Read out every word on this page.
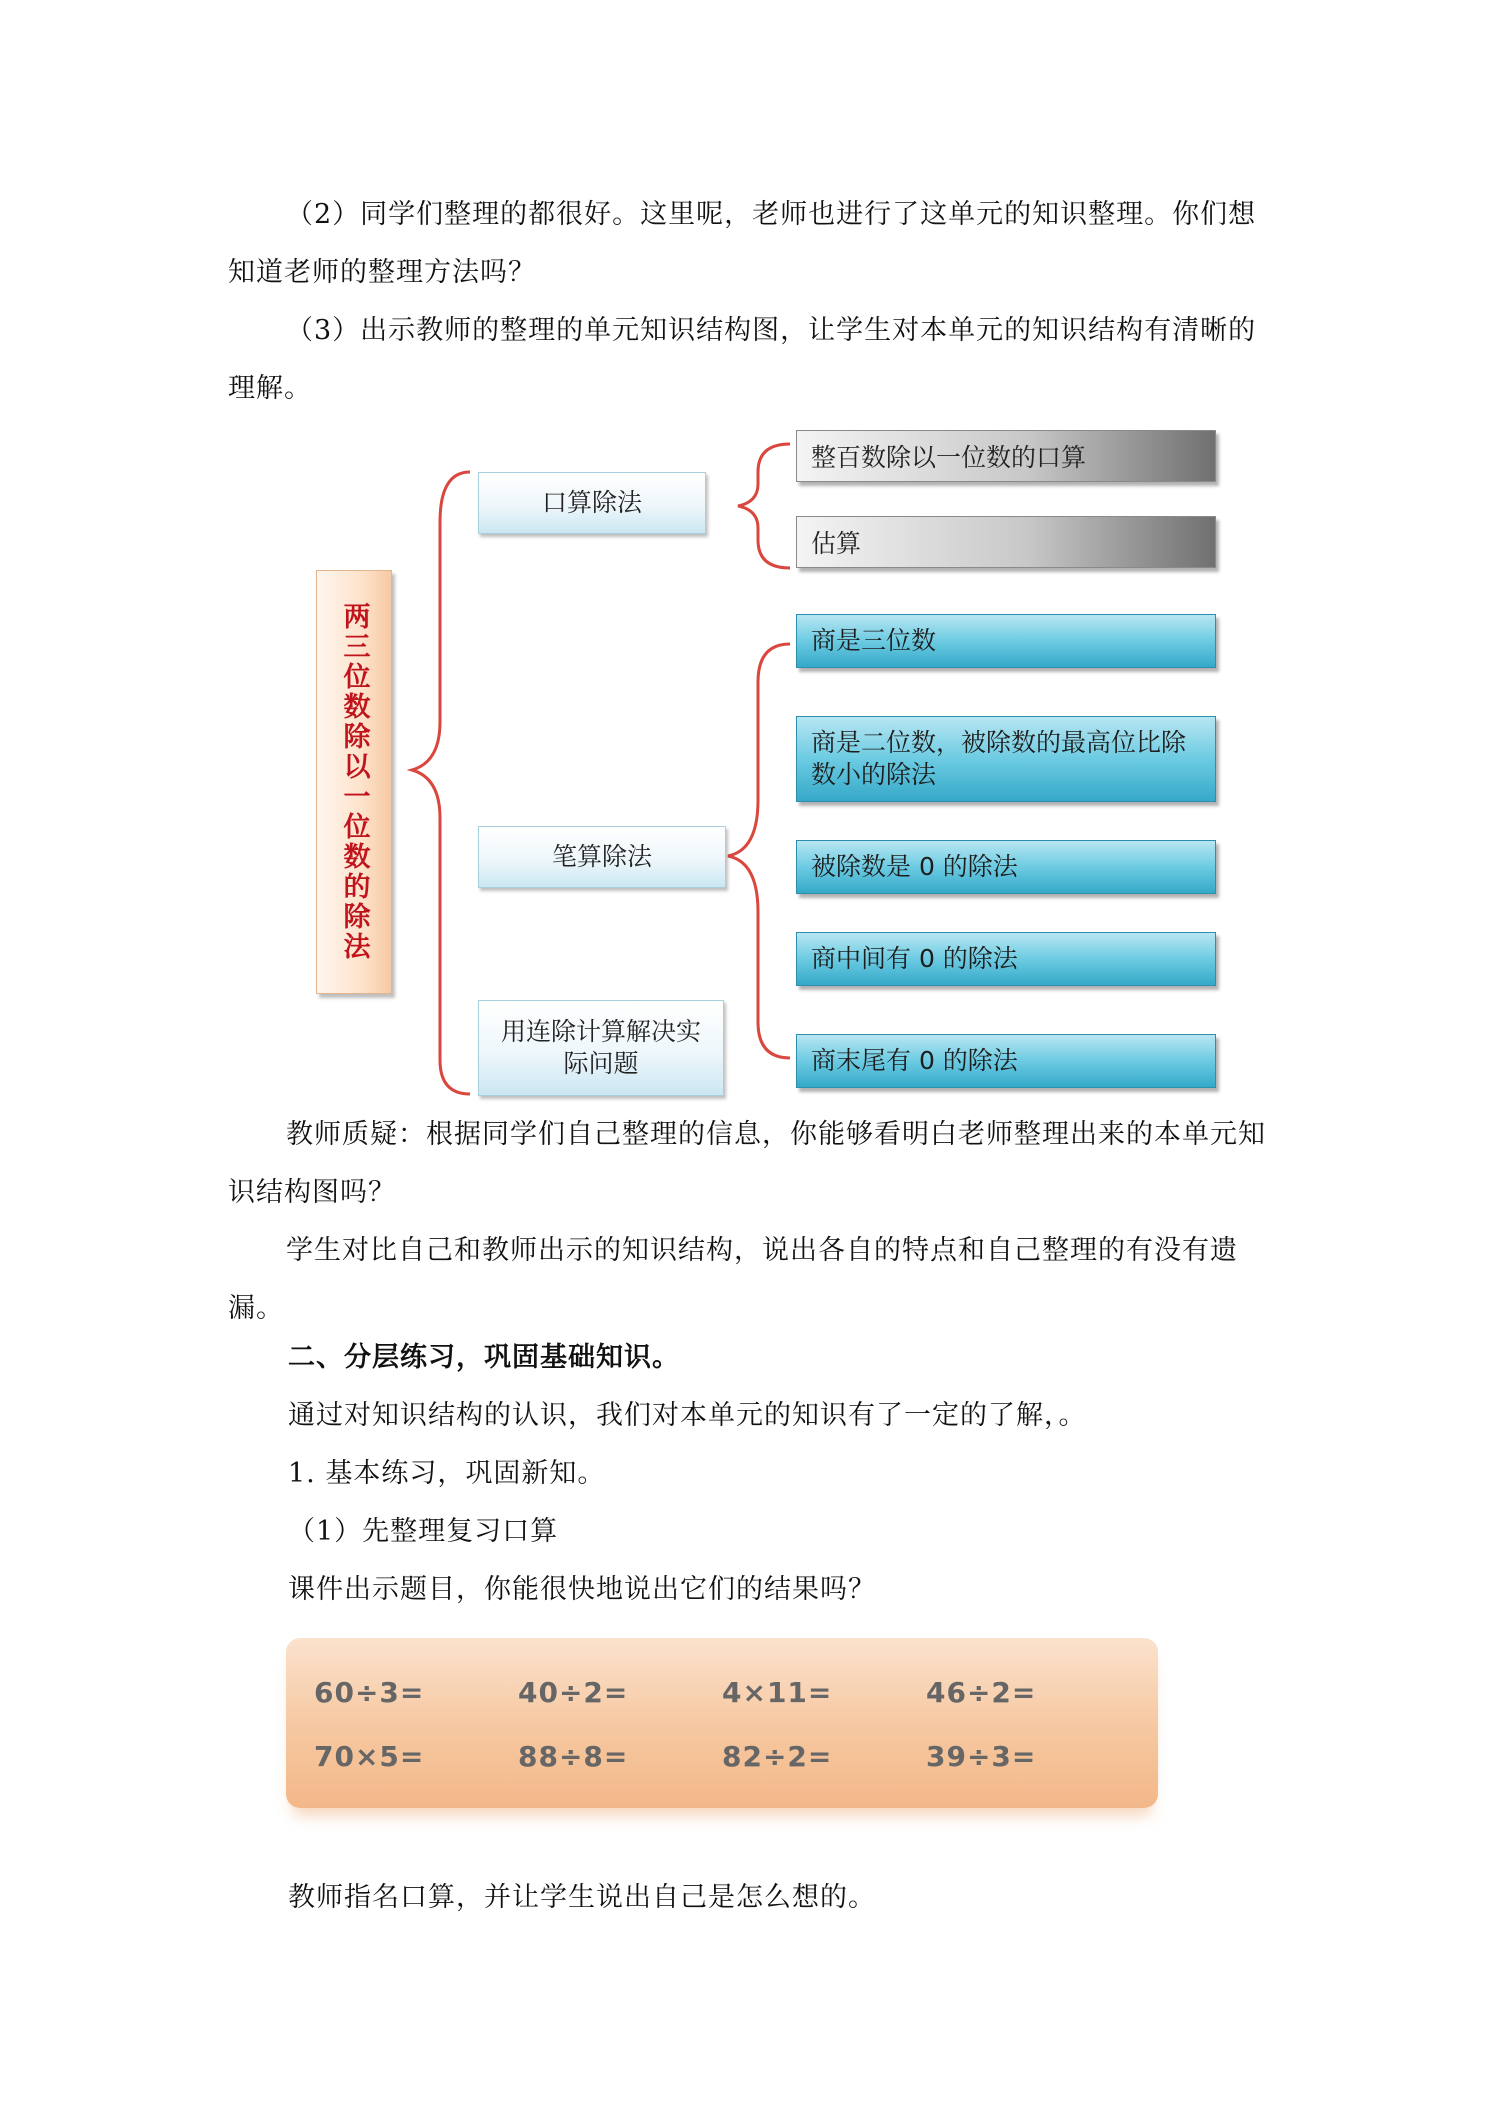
（2）同学们整理的都很好。这里呢，老师也进行了这单元的知识整理。你们想知道老师的整理方法吗？

（3）出示教师的整理的单元知识结构图，让学生对本单元的知识结构有清晰的理解。

两三位数除以一位数的除法
口算除法
笔算除法
用连除计算解决实际问题
整百数除以一位数的口算
估算
商是三位数
商是二位数，被除数的最高位比除数小的除法
被除数是 0 的除法
商中间有 0 的除法
商末尾有 0 的除法

教师质疑：根据同学们自己整理的信息，你能够看明白老师整理出来的本单元知识结构图吗？

学生对比自己和教师出示的知识结构，说出各自的特点和自己整理的有没有遗漏。

二、分层练习，巩固基础知识。

通过对知识结构的认识，我们对本单元的知识有了一定的了解，。

1. 基本练习，巩固新知。

（1）先整理复习口算

课件出示题目，你能很快地说出它们的结果吗？

60÷3=	40÷2=	4×11=	46÷2=
70×5=	88÷8=	82÷2=	39÷3=

教师指名口算，并让学生说出自己是怎么想的。
